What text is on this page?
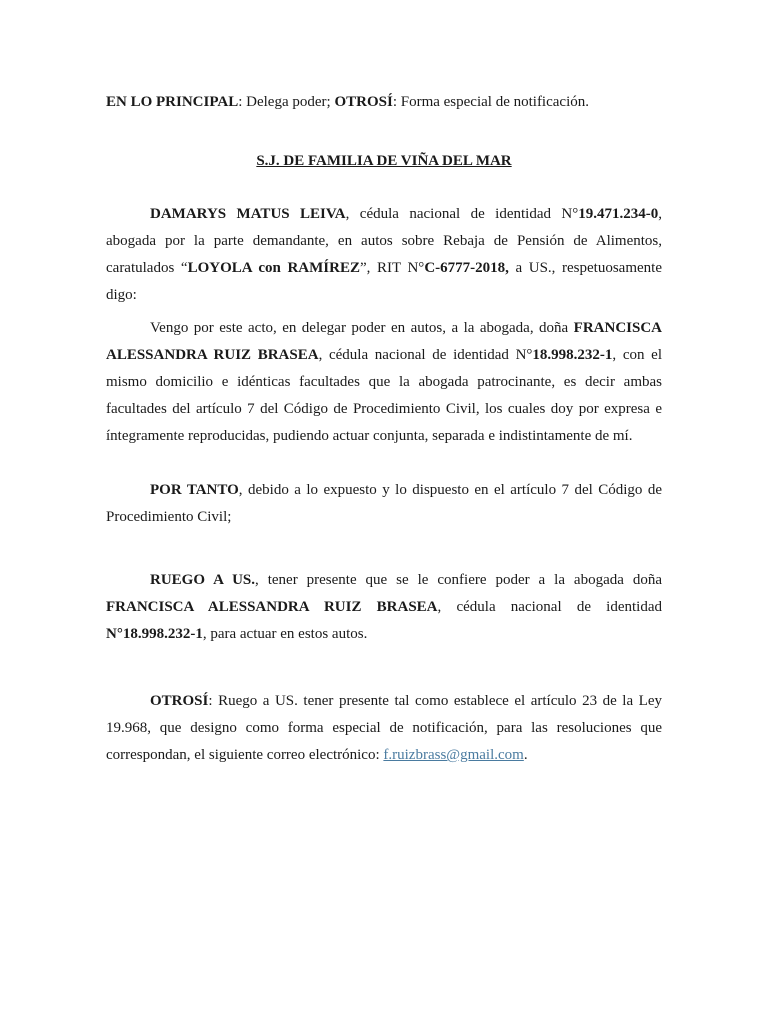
EN LO PRINCIPAL: Delega poder; OTROSÍ: Forma especial de notificación.

S.J. DE FAMILIA DE VIÑA DEL MAR

DAMARYS MATUS LEIVA, cédula nacional de identidad N°19.471.234-0, abogada por la parte demandante, en autos sobre Rebaja de Pensión de Alimentos, caratulados “LOYOLA con RAMÍREZ”, RIT N°C-6777-2018, a US., respetuosamente digo:

Vengo por este acto, en delegar poder en autos, a la abogada, doña FRANCISCA ALESSANDRA RUIZ BRASEA, cédula nacional de identidad N°18.998.232-1, con el mismo domicilio e idénticas facultades que la abogada patrocinante, es decir ambas facultades del artículo 7 del Código de Procedimiento Civil, los cuales doy por expresa e íntegramente reproducidas, pudiendo actuar conjunta, separada e indistintamente de mí.

POR TANTO, debido a lo expuesto y lo dispuesto en el artículo 7 del Código de Procedimiento Civil;

RUEGO A US., tener presente que se le confiere poder a la abogada doña FRANCISCA ALESSANDRA RUIZ BRASEA, cédula nacional de identidad N°18.998.232-1, para actuar en estos autos.

OTROSÍ: Ruego a US. tener presente tal como establece el artículo 23 de la Ley 19.968, que designo como forma especial de notificación, para las resoluciones que correspondan, el siguiente correo electrónico: f.ruizbrass@gmail.com.
